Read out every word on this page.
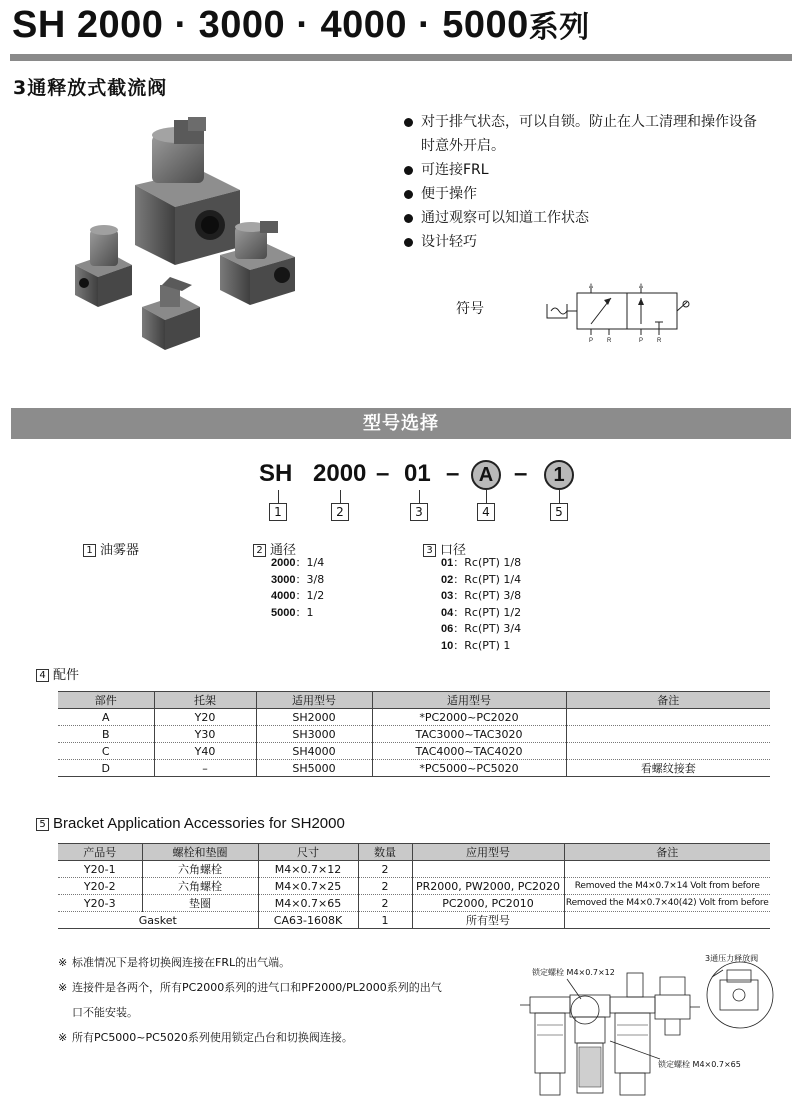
SH 2000 · 3000 · 4000 · 5000系列
3通释放式截流阀
对于排气状态，可以自锁。防止在人工清理和操作设备时意外开启。
可连接FRL
便于操作
通过观察可以知道工作状态
设计轻巧
符号
A	A
P R	P R
型号选择
SH 2000 – 01 – A –	1
1	2	3	4	5
1 油雾器	2 通径
2000：1/4
3000：3/8
4000：1/2
5000：1
3 口径
01：Rc(PT) 1/8
02：Rc(PT) 1/4
03：Rc(PT) 3/8
04：Rc(PT) 1/2
06：Rc(PT) 3/4
10：Rc(PT) 1
4 配件
部件	托架	适用型号	适用型号	备注
A	Y20	SH2000	*PC2000~PC2020	
B	Y30	SH3000	TAC3000~TAC3020	
C	Y40	SH4000	TAC4000~TAC4020	
D	–	SH5000	*PC5000~PC5020	看螺纹接套
5 Bracket Application Accessories for SH2000
产品号	螺栓和垫圈	尺寸	数量	应用型号	备注
Y20-1	六角螺栓	M4×0.7×12	2		
Y20-2	六角螺栓	M4×0.7×25	2	PR2000, PW2000, PC2020	Removed the M4×0.7×14 Volt from before
Y20-3	垫圈	M4×0.7×65	2	PC2000, PC2010	Removed the M4×0.7×40(42) Volt from before
Gasket		CA63-1608K	1	所有型号	
※ 标准情况下是将切换阀连接在FRL的出气端。
※ 连接件是各两个，所有PC2000系列的进气口和PF2000/PL2000系列的出气
口不能安装。
※ 所有PC5000~PC5020系列使用锁定凸台和切换阀连接。
锁定螺栓 M4×0.7×12
3通压力释放阀
锁定螺栓 M4×0.7×65
